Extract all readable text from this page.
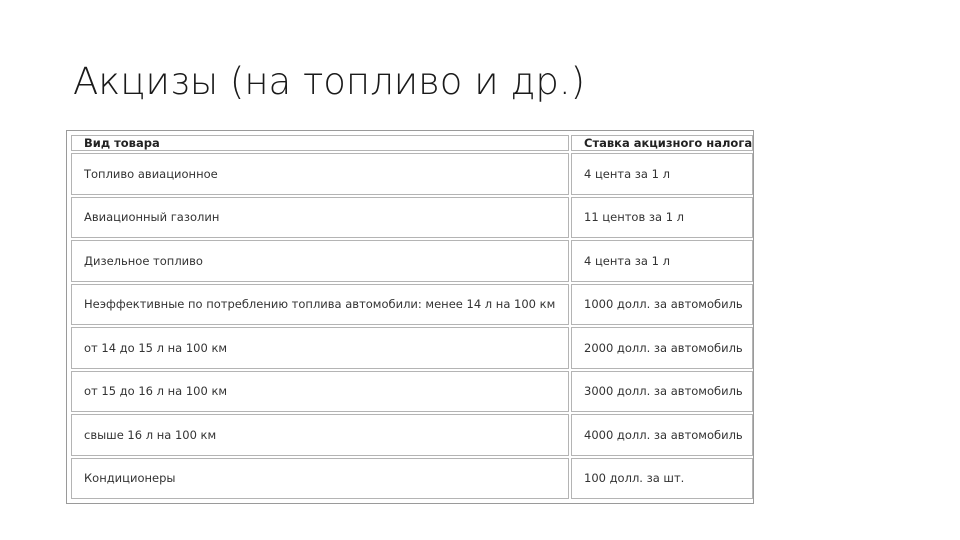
Акцизы (на топливо и др.)
Вид товара	Ставка акцизного налога
Топливо авиационное	4 цента за 1 л
Авиационный газолин	11 центов за 1 л
Дизельное топливо	4 цента за 1 л
Неэффективные по потреблению топлива автомобили: менее 14 л на 100 км	1000 долл. за автомобиль
от 14 до 15 л на 100 км	2000 долл. за автомобиль
от 15 до 16 л на 100 км	3000 долл. за автомобиль
свыше 16 л на 100 км	4000 долл. за автомобиль
Кондиционеры	100 долл. за шт.
